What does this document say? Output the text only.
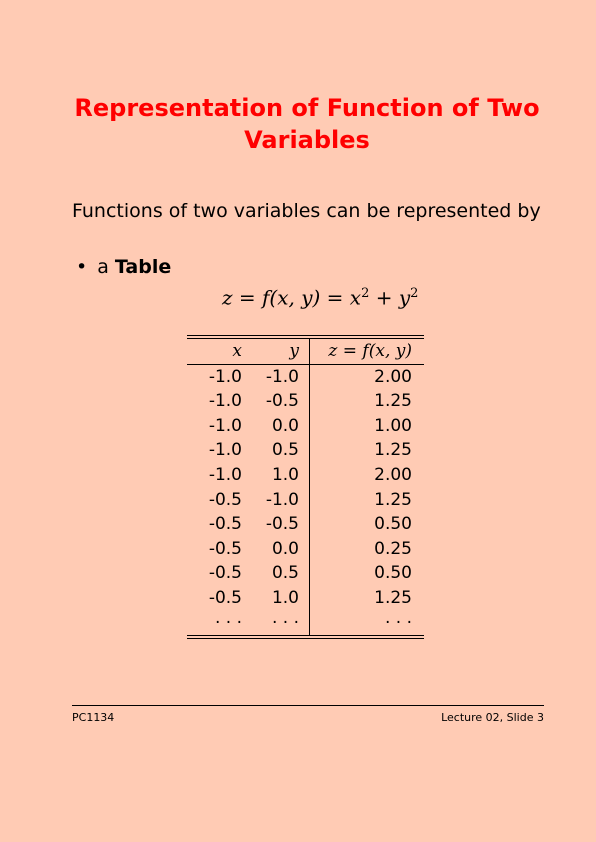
Representation of Function of Two Variables
Functions of two variables can be represented by
• a Table
z = f(x, $y) = x^2 + y^2$
x	y	z = f(x, y)
-1.0	-1.0	2.00
-1.0	-0.5	1.25
-1.0	0.0	1.00
-1.0	0.5	1.25
-1.0	1.0	2.00
-0.5	-1.0	1.25
-0.5	-0.5	0.50
-0.5	0.0	0.25
-0.5	0.5	0.50
-0.5	1.0	1.25
· · ·	· · ·	· · ·
PC1134	Lecture 02, Slide 3
